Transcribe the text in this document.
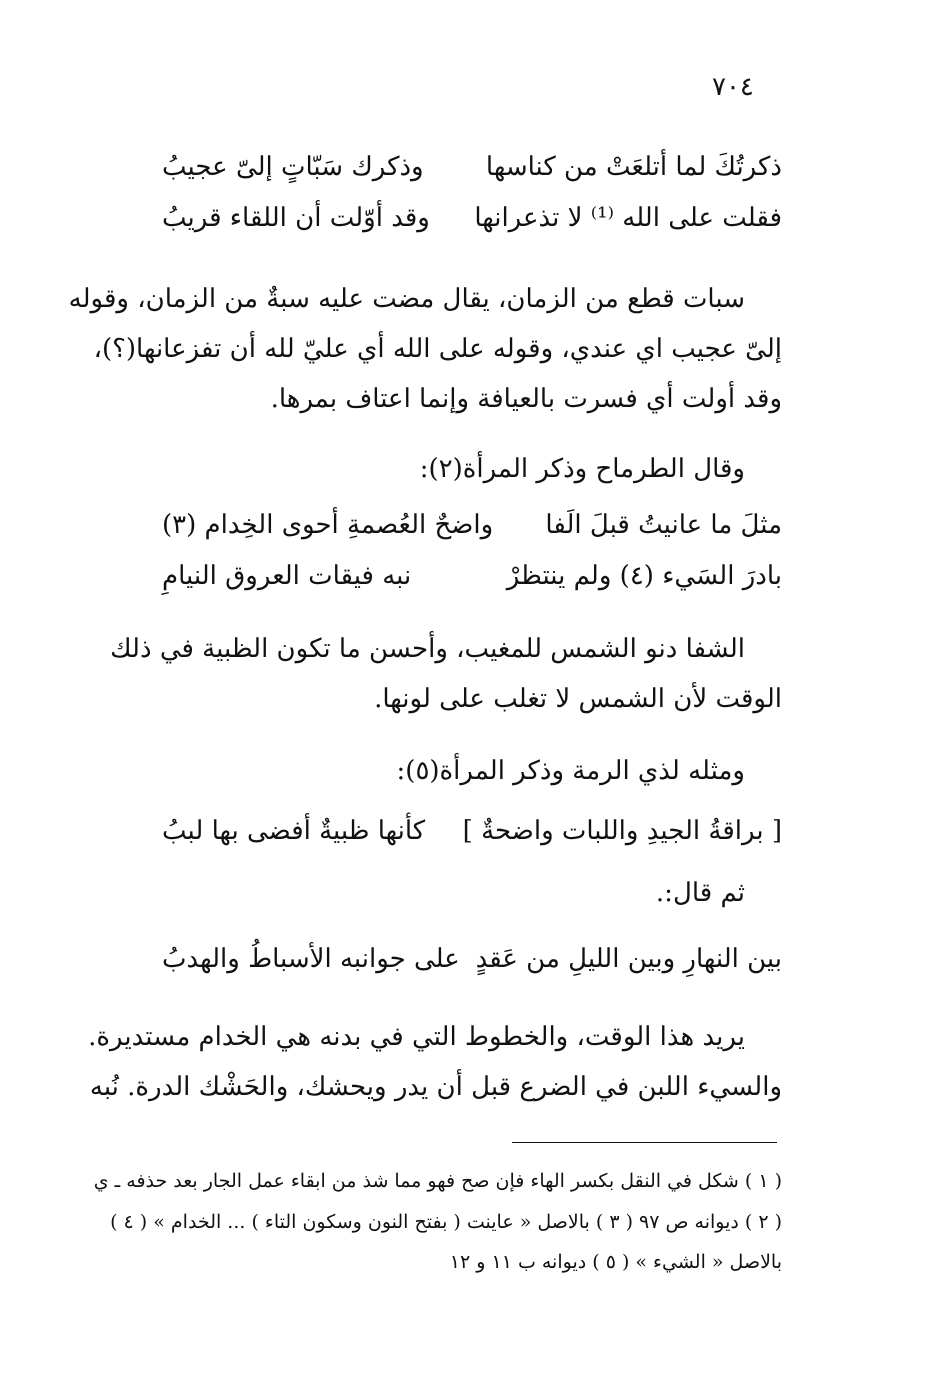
٧٠٤
ذكرتُكَ لما أتلعَتْ من كناسها
وذكرك سَبّاتٍ إلىّ عجيبُ
فقلت على الله ⁽¹⁾ لا تذعرانها
وقد أوّلت أن اللقاء قريبُ
سبات قطع من الزمان، يقال مضت عليه سبةٌ من الزمان، وقوله
إلىّ عجيب اي عندي، وقوله على الله أي عليّ لله أن تفزعانها(؟)،
وقد أولت أي فسرت بالعيافة وإنما اعتاف بمرها.
وقال الطرماح وذكر المرأة(٢):
مثلَ ما عانيتُ قبلَ الَفا
واضحٌ العُصمةِ أحوى الخِدام (٣)
بادرَ السَيء (٤) ولم ينتظرْ
نبه فيقات العروق النيامِ
الشفا دنو الشمس للمغيب، وأحسن ما تكون الظبية في ذلك
الوقت لأن الشمس لا تغلب على لونها.
ومثله لذي الرمة وذكر المرأة(٥):
[ براقةُ الجيدِ واللبات واضحةٌ ]
كأنها ظبيةٌ أفضى بها لببُ
ثم قال:.
بين النهارِ وبين الليلِ من عَقدٍ
على جوانبه الأسباطُ والهدبُ
يريد هذا الوقت، والخطوط التي في بدنه هي الخدام مستديرة.
والسيء اللبن في الضرع قبل أن يدر ويحشك، والحَشْك الدرة. نُبه
( ١ ) شكل في النقل بكسر الهاء فإن صح فهو مما شذ من ابقاء عمل الجار بعد حذفه ـ ي
( ٢ ) ديوانه ص ٩٧ ( ٣ ) بالاصل « عاينت ( بفتح النون وسكون التاء ) ... الخدام » ( ٤ )
بالاصل « الشيء » ( ٥ ) ديوانه ب ١١ و ١٢
